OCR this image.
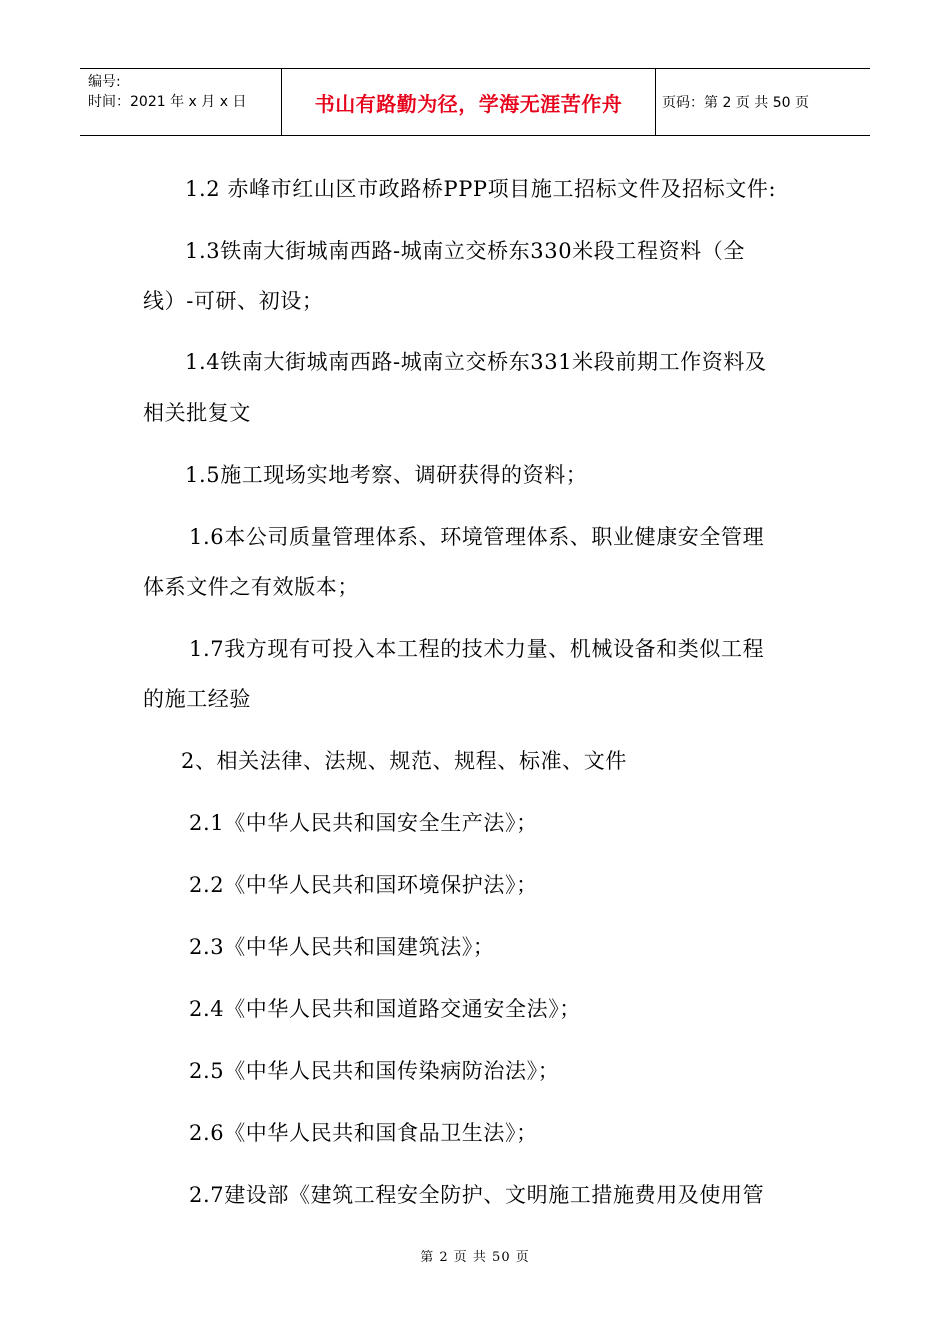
编号:
时间：2021 年 x 月 x 日	书山有路勤为径，学海无涯苦作舟	页码：第 2 页 共 50 页
1.2 赤峰市红山区市政路桥PPP项目施工招标文件及招标文件:
1.3铁南大街城南西路-城南立交桥东330米段工程资料（全
线）-可研、初设；
1.4铁南大街城南西路-城南立交桥东331米段前期工作资料及
相关批复文
1.5施工现场实地考察、调研获得的资料；
1.6本公司质量管理体系、环境管理体系、职业健康安全管理
体系文件之有效版本；
1.7我方现有可投入本工程的技术力量、机械设备和类似工程
的施工经验
2、相关法律、法规、规范、规程、标准、文件
2.1《中华人民共和国安全生产法》；
2.2《中华人民共和国环境保护法》；
2.3《中华人民共和国建筑法》；
2.4《中华人民共和国道路交通安全法》；
2.5《中华人民共和国传染病防治法》；
2.6《中华人民共和国食品卫生法》；
2.7建设部《建筑工程安全防护、文明施工措施费用及使用管
第 2 页 共 50 页
